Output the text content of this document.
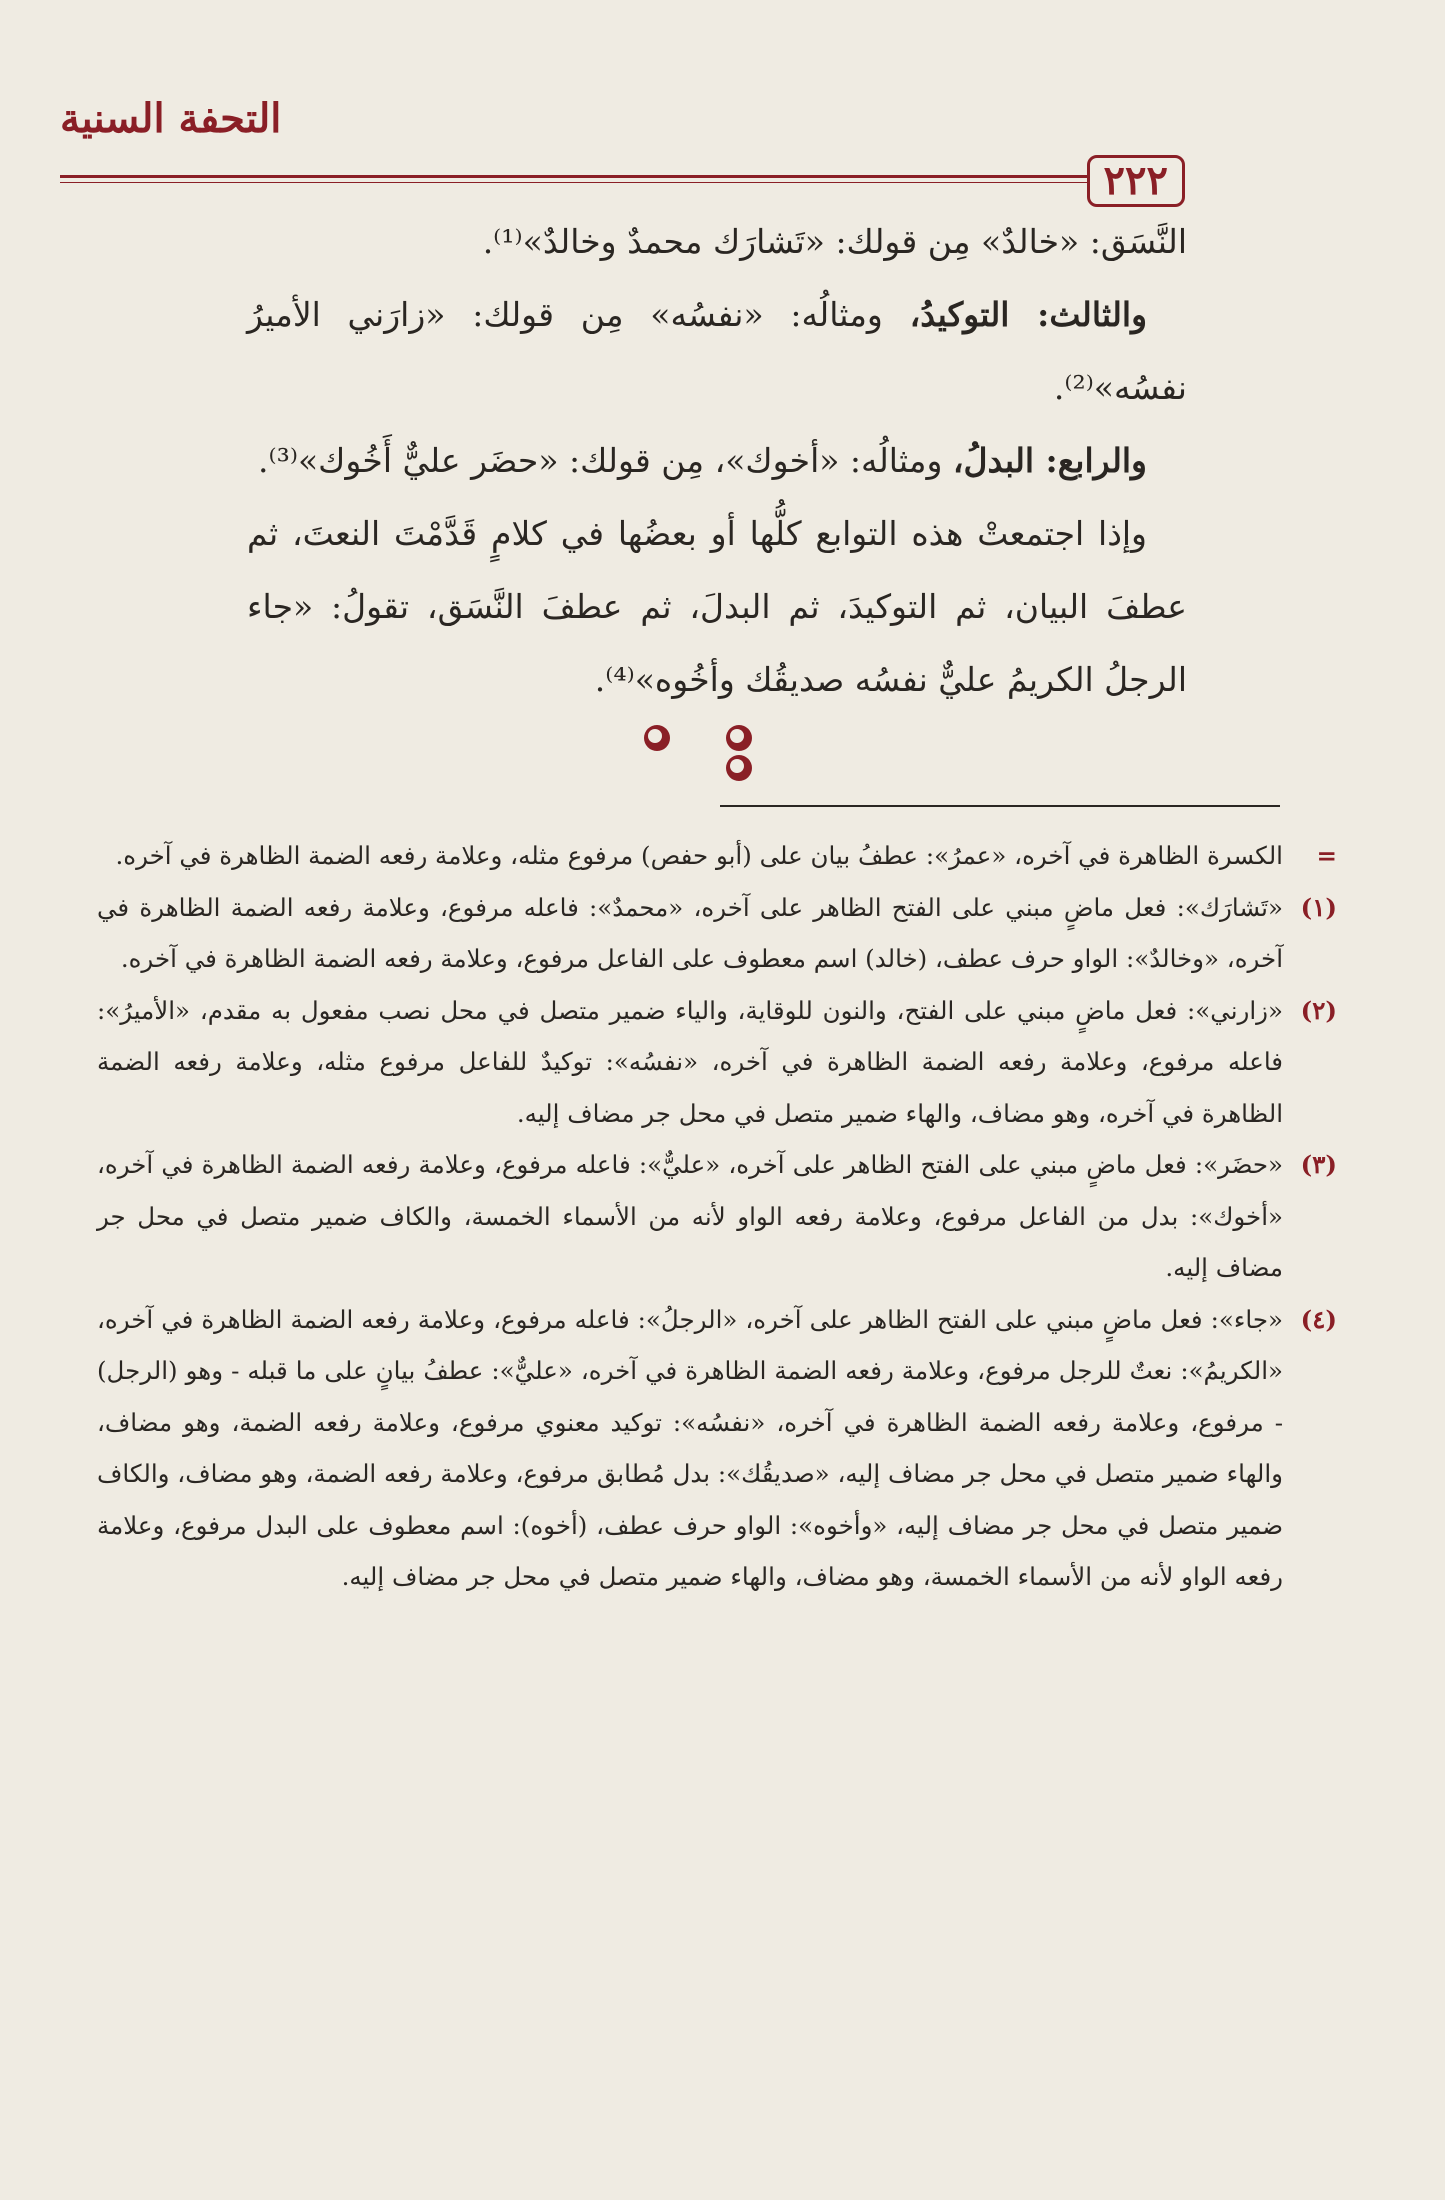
التحفة السنية
٢٢٢

النَّسَق: «خالدٌ» مِن قولك: «تَشارَك محمدٌ وخالدٌ»⁽¹⁾.

والثالث: التوكيدُ، ومثالُه: «نفسُه» مِن قولك: «زارَني الأميرُ نفسُه»⁽²⁾.

والرابع: البدلُ، ومثالُه: «أخوك»، مِن قولك: «حضَر عليٌّ أَخُوك»⁽³⁾.

وإذا اجتمعتْ هذه التوابع كلُّها أو بعضُها في كلامٍ قَدَّمْتَ النعتَ، ثم عطفَ البيان، ثم التوكيدَ، ثم البدلَ، ثم عطفَ النَّسَق، تقولُ: «جاء الرجلُ الكريمُ عليٌّ نفسُه صديقُك وأخُوه»⁽⁴⁾.

=
الكسرة الظاهرة في آخره، «عمرُ»: عطفُ بيان على (أبو حفص) مرفوع مثله، وعلامة رفعه الضمة الظاهرة في آخره.

(١)
«تَشارَك»: فعل ماضٍ مبني على الفتح الظاهر على آخره، «محمدٌ»: فاعله مرفوع، وعلامة رفعه الضمة الظاهرة في آخره، «وخالدٌ»: الواو حرف عطف، (خالد) اسم معطوف على الفاعل مرفوع، وعلامة رفعه الضمة الظاهرة في آخره.

(٢)
«زارني»: فعل ماضٍ مبني على الفتح، والنون للوقاية، والياء ضمير متصل في محل نصب مفعول به مقدم، «الأميرُ»: فاعله مرفوع، وعلامة رفعه الضمة الظاهرة في آخره، «نفسُه»: توكيدٌ للفاعل مرفوع مثله، وعلامة رفعه الضمة الظاهرة في آخره، وهو مضاف، والهاء ضمير متصل في محل جر مضاف إليه.

(٣)
«حضَر»: فعل ماضٍ مبني على الفتح الظاهر على آخره، «عليٌّ»: فاعله مرفوع، وعلامة رفعه الضمة الظاهرة في آخره، «أخوك»: بدل من الفاعل مرفوع، وعلامة رفعه الواو لأنه من الأسماء الخمسة، والكاف ضمير متصل في محل جر مضاف إليه.

(٤)
«جاء»: فعل ماضٍ مبني على الفتح الظاهر على آخره، «الرجلُ»: فاعله مرفوع، وعلامة رفعه الضمة الظاهرة في آخره، «الكريمُ»: نعتٌ للرجل مرفوع، وعلامة رفعه الضمة الظاهرة في آخره، «عليٌّ»: عطفُ بيانٍ على ما قبله - وهو (الرجل) - مرفوع، وعلامة رفعه الضمة الظاهرة في آخره، «نفسُه»: توكيد معنوي مرفوع، وعلامة رفعه الضمة، وهو مضاف، والهاء ضمير متصل في محل جر مضاف إليه، «صديقُك»: بدل مُطابق مرفوع، وعلامة رفعه الضمة، وهو مضاف، والكاف ضمير متصل في محل جر مضاف إليه، «وأخوه»: الواو حرف عطف، (أخوه): اسم معطوف على البدل مرفوع، وعلامة رفعه الواو لأنه من الأسماء الخمسة، وهو مضاف، والهاء ضمير متصل في محل جر مضاف إليه.
